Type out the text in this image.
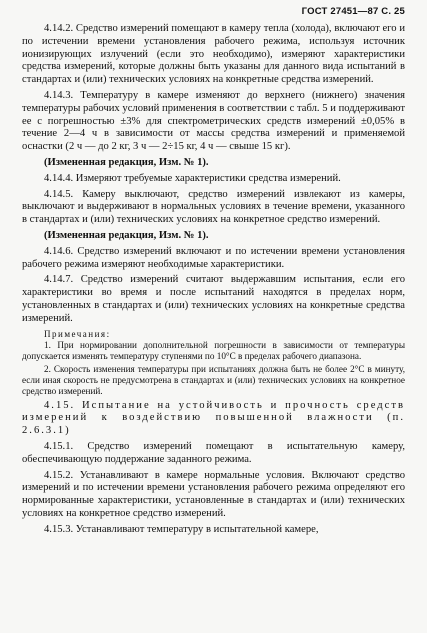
ГОСТ 27451—87 С. 25

4.14.2. Средство измерений помещают в камеру тепла (холода), включают его и по истечении времени установления рабочего режима, используя источник ионизирующих излучений (если это необходимо), измеряют характеристики средства измерений, которые должны быть указаны для данного вида испытаний в стандартах и (или) технических условиях на конкретные средства измерений.

4.14.3. Температуру в камере изменяют до верхнего (нижнего) значения температуры рабочих условий применения в соответствии с табл. 5 и поддерживают ее с погрешностью ±3% для спектрометрических средств измерений ±0,05% в течение 2—4 ч в зависимости от массы средства измерений и применяемой оснастки (2 ч — до 2 кг, 3 ч — 2÷15 кг, 4 ч — свыше 15 кг).

(Измененная редакция, Изм. № 1).

4.14.4. Измеряют требуемые характеристики средства измерений.

4.14.5. Камеру выключают, средство измерений извлекают из камеры, выключают и выдерживают в нормальных условиях в течение времени, указанного в стандартах и (или) технических условиях на конкретное средство измерений.

(Измененная редакция, Изм. № 1).

4.14.6. Средство измерений включают и по истечении времени установления рабочего режима измеряют необходимые характеристики.

4.14.7. Средство измерений считают выдержавшим испытания, если его характеристики во время и после испытаний находятся в пределах норм, установленных в стандартах и (или) технических условиях на конкретные средства измерений.

Примечания:

1. При нормировании дополнительной погрешности в зависимости от температуры допускается изменять температуру ступенями по 10°С в пределах рабочего диапазона.

2. Скорость изменения температуры при испытаниях должна быть не более 2°С в минуту, если иная скорость не предусмотрена в стандартах и (или) технических условиях на конкретное средство измерений.

4.15. Испытание на устойчивость и прочность средств измерений к воздействию повышенной влажности (п. 2.6.3.1)

4.15.1. Средство измерений помещают в испытательную камеру, обеспечивающую поддержание заданного режима.

4.15.2. Устанавливают в камере нормальные условия. Включают средство измерений и по истечении времени установления рабочего режима определяют его нормированные характеристики, установленные в стандартах и (или) технических условиях на конкретное средство измерений.

4.15.3. Устанавливают температуру в испытательной камере,
